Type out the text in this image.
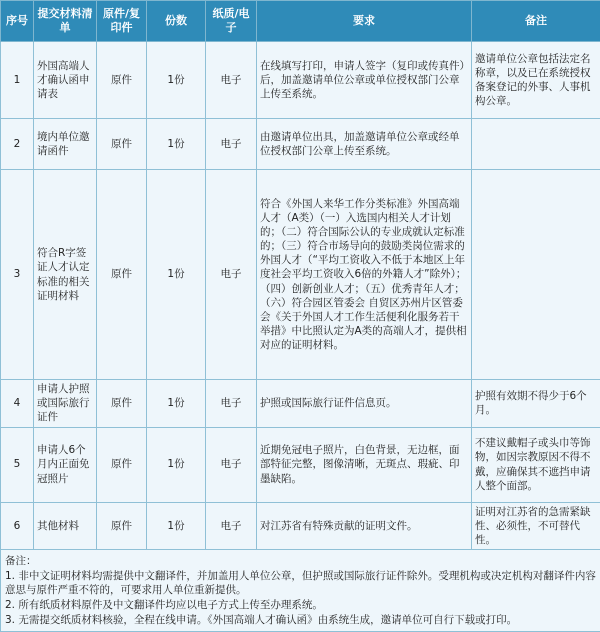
序号	提交材料清单	原件/复印件	份数	纸质/电子	要求	备注
1	外国高端人才确认函申请表	原件	1份	电子	在线填写打印，申请人签字（复印或传真件）后，加盖邀请单位公章或单位授权部门公章上传至系统。	邀请单位公章包括法定名称章，以及已在系统授权备案登记的外事、人事机构公章。
2	境内单位邀请函件	原件	1份	电子	由邀请单位出具，加盖邀请单位公章或经单位授权部门公章上传至系统。	
3	符合R字签证人才认定标准的相关证明材料	原件	1份	电子	符合《外国人来华工作分类标准》外国高端人才（A类）（一）入选国内相关人才计划的；（二）符合国际公认的专业成就认定标准的；（三）符合市场导向的鼓励类岗位需求的外国人才（“平均工资收入不低于本地区上年度社会平均工资收入6倍的外籍人才”除外）；（四）创新创业人才；（五）优秀青年人才；（六）符合园区管委会 自贸区苏州片区管委会《关于外国人才工作生活便利化服务若干举措》中比照认定为A类的高端人才，提供相对应的证明材料。	
4	申请人护照或国际旅行证件	原件	1份	电子	护照或国际旅行证件信息页。	护照有效期不得少于6个月。
5	申请人6个月内正面免冠照片	原件	1份	电子	近期免冠电子照片，白色背景，无边框，面部特征完整，图像清晰，无斑点、瑕疵、印墨缺陷。	不建议戴帽子或头巾等饰物，如因宗教原因不得不戴，应确保其不遮挡申请人整个面部。
6	其他材料	原件	1份	电子	对江苏省有特殊贡献的证明文件。	证明对江苏省的急需紧缺性、必须性，不可替代性。

备注：
1. 非中文证明材料均需提供中文翻译件，并加盖用人单位公章，但护照或国际旅行证件除外。受理机构或决定机构对翻译件内容意思与原件严重不符的，可要求用人单位重新提供。
2. 所有纸质材料原件及中文翻译件均应以电子方式上传至办理系统。
3. 无需提交纸质材料核验，全程在线申请。《外国高端人才确认函》由系统生成，邀请单位可自行下载或打印。						
